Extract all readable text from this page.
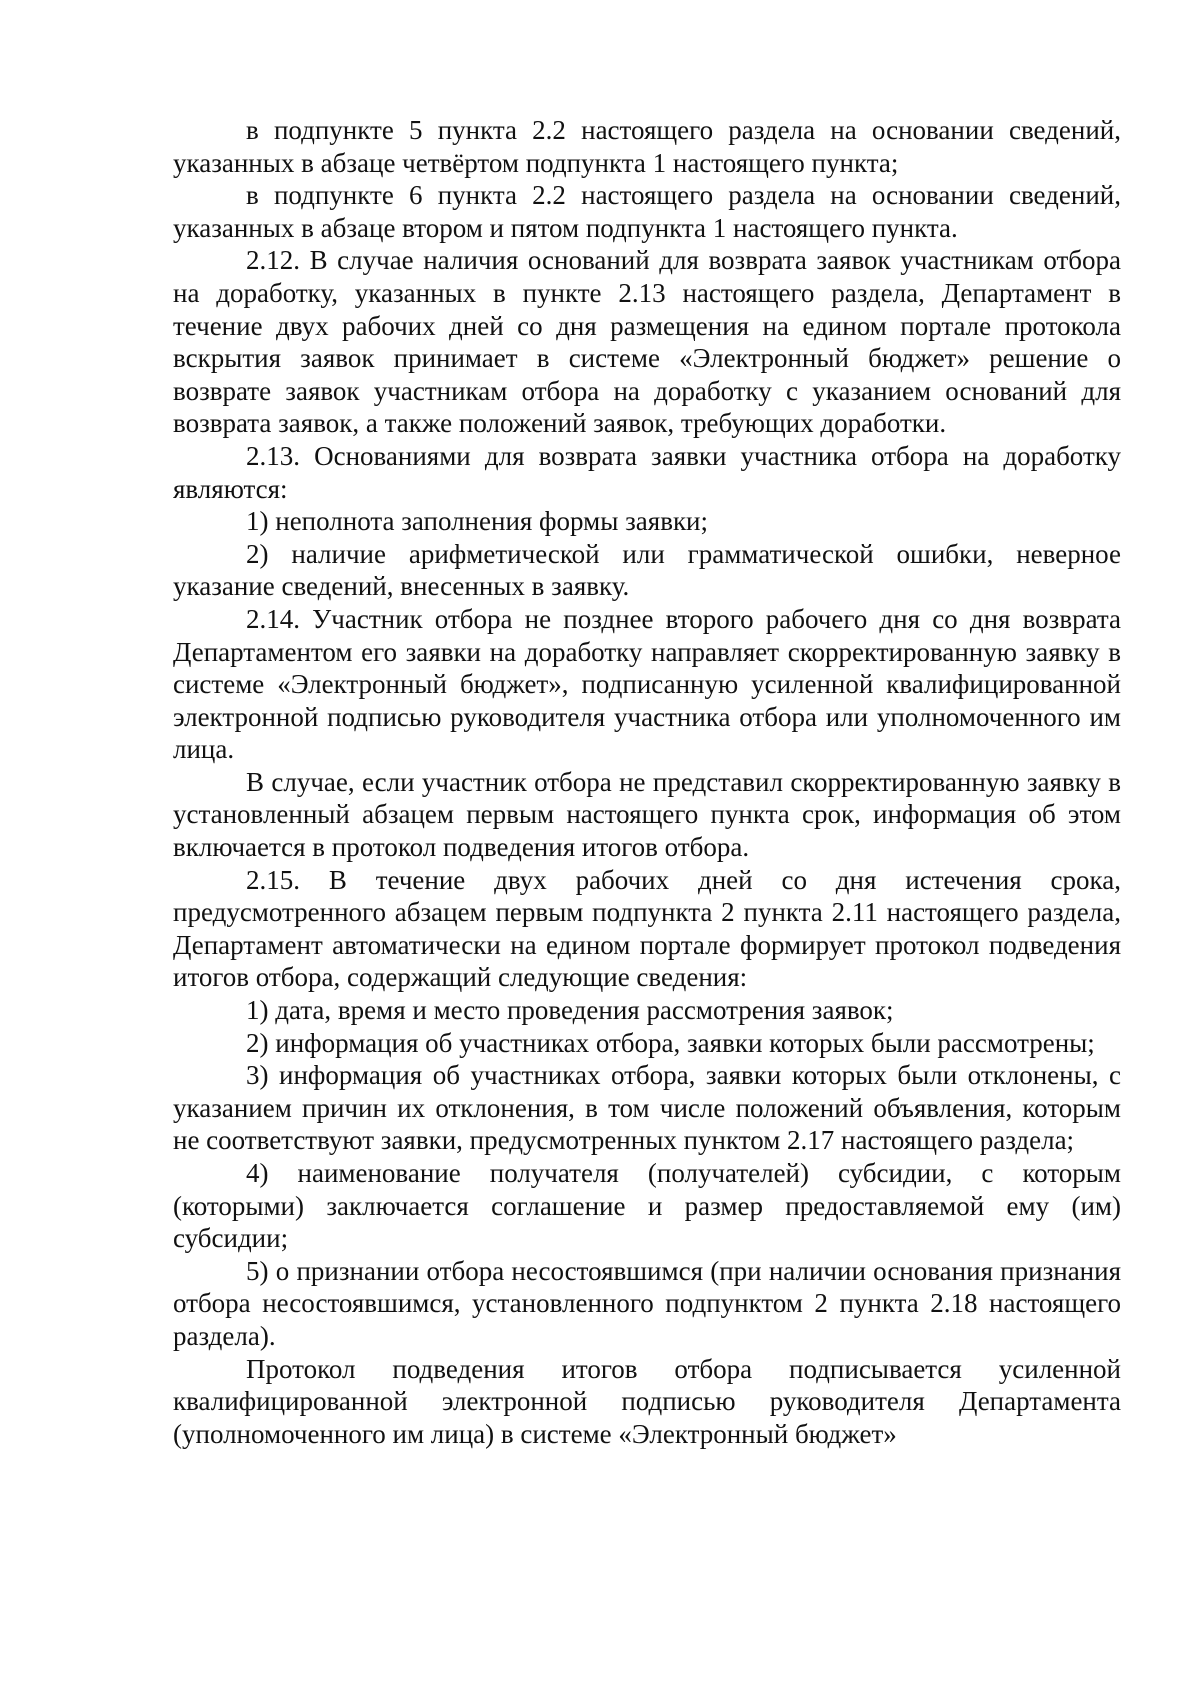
в подпункте 5 пункта 2.2 настоящего раздела на основании сведений, указанных в абзаце четвёртом подпункта 1 настоящего пункта;

в подпункте 6 пункта 2.2 настоящего раздела на основании сведений, указанных в абзаце втором и пятом подпункта 1 настоящего пункта.

2.12. В случае наличия оснований для возврата заявок участникам отбора на доработку, указанных в пункте 2.13 настоящего раздела, Департамент в течение двух рабочих дней со дня размещения на едином портале протокола вскрытия заявок принимает в системе «Электронный бюджет» решение о возврате заявок участникам отбора на доработку с указанием оснований для возврата заявок, а также положений заявок, требующих доработки.

2.13. Основаниями для возврата заявки участника отбора на доработку являются:

1) неполнота заполнения формы заявки;

2) наличие арифметической или грамматической ошибки, неверное указание сведений, внесенных в заявку.

2.14. Участник отбора не позднее второго рабочего дня со дня возврата Департаментом его заявки на доработку направляет скорректированную заявку в системе «Электронный бюджет», подписанную усиленной квалифицированной электронной подписью руководителя участника отбора или уполномоченного им лица.

В случае, если участник отбора не представил скорректированную заявку в установленный абзацем первым настоящего пункта срок, информация об этом включается в протокол подведения итогов отбора.

2.15. В течение двух рабочих дней со дня истечения срока, предусмотренного абзацем первым подпункта 2 пункта 2.11 настоящего раздела, Департамент автоматически на едином портале формирует протокол подведения итогов отбора, содержащий следующие сведения:

1) дата, время и место проведения рассмотрения заявок;

2) информация об участниках отбора, заявки которых были рассмотрены;

3) информация об участниках отбора, заявки которых были отклонены, с указанием причин их отклонения, в том числе положений объявления, которым не соответствуют заявки, предусмотренных пунктом 2.17 настоящего раздела;

4) наименование получателя (получателей) субсидии, с которым (которыми) заключается соглашение и размер предоставляемой ему (им) субсидии;

5) о признании отбора несостоявшимся (при наличии основания признания отбора несостоявшимся, установленного подпунктом 2 пункта 2.18 настоящего раздела).

Протокол подведения итогов отбора подписывается усиленной квалифицированной электронной подписью руководителя Департамента (уполномоченного им лица) в системе «Электронный бюджет»
